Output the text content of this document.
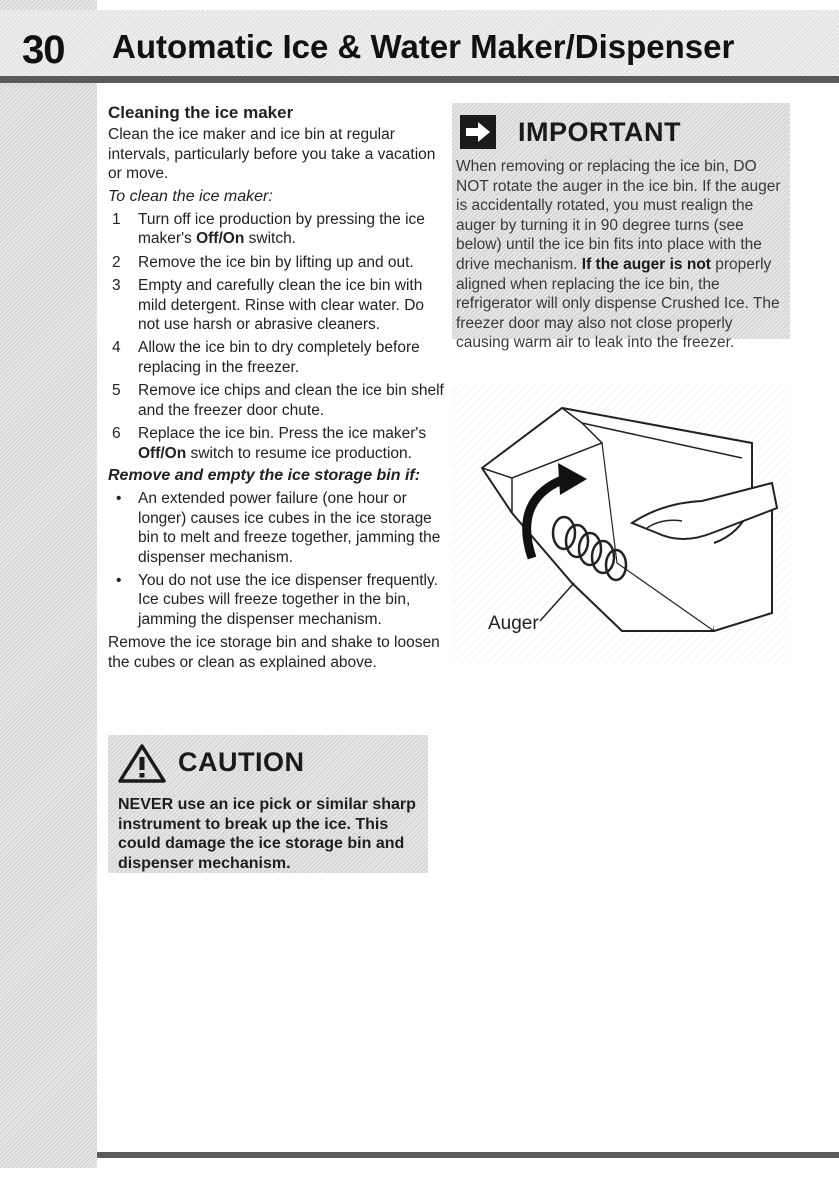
30 Automatic Ice & Water Maker/Dispenser

Cleaning the ice maker

Clean the ice maker and ice bin at regular intervals, particularly before you take a vacation or move.

To clean the ice maker:

1 Turn off ice production by pressing the ice maker's Off/On switch.
2 Remove the ice bin by lifting up and out.
3 Empty and carefully clean the ice bin with mild detergent. Rinse with clear water. Do not use harsh or abrasive cleaners.
4 Allow the ice bin to dry completely before replacing in the freezer.
5 Remove ice chips and clean the ice bin shelf and the freezer door chute.
6 Replace the ice bin. Press the ice maker's Off/On switch to resume ice production.

Remove and empty the ice storage bin if:

• An extended power failure (one hour or longer) causes ice cubes in the ice storage bin to melt and freeze together, jamming the dispenser mechanism.
• You do not use the ice dispenser frequently. Ice cubes will freeze together in the bin, jamming the dispenser mechanism.

Remove the ice storage bin and shake to loosen the cubes or clean as explained above.

IMPORTANT

When removing or replacing the ice bin, DO NOT rotate the auger in the ice bin. If the auger is accidentally rotated, you must realign the auger by turning it in 90 degree turns (see below) until the ice bin fits into place with the drive mechanism. If the auger is not properly aligned when replacing the ice bin, the refrigerator will only dispense Crushed Ice. The freezer door may also not close properly causing warm air to leak into the freezer.

Auger
CAUTION

NEVER use an ice pick or similar sharp instrument to break up the ice. This could damage the ice storage bin and dispenser mechanism.
